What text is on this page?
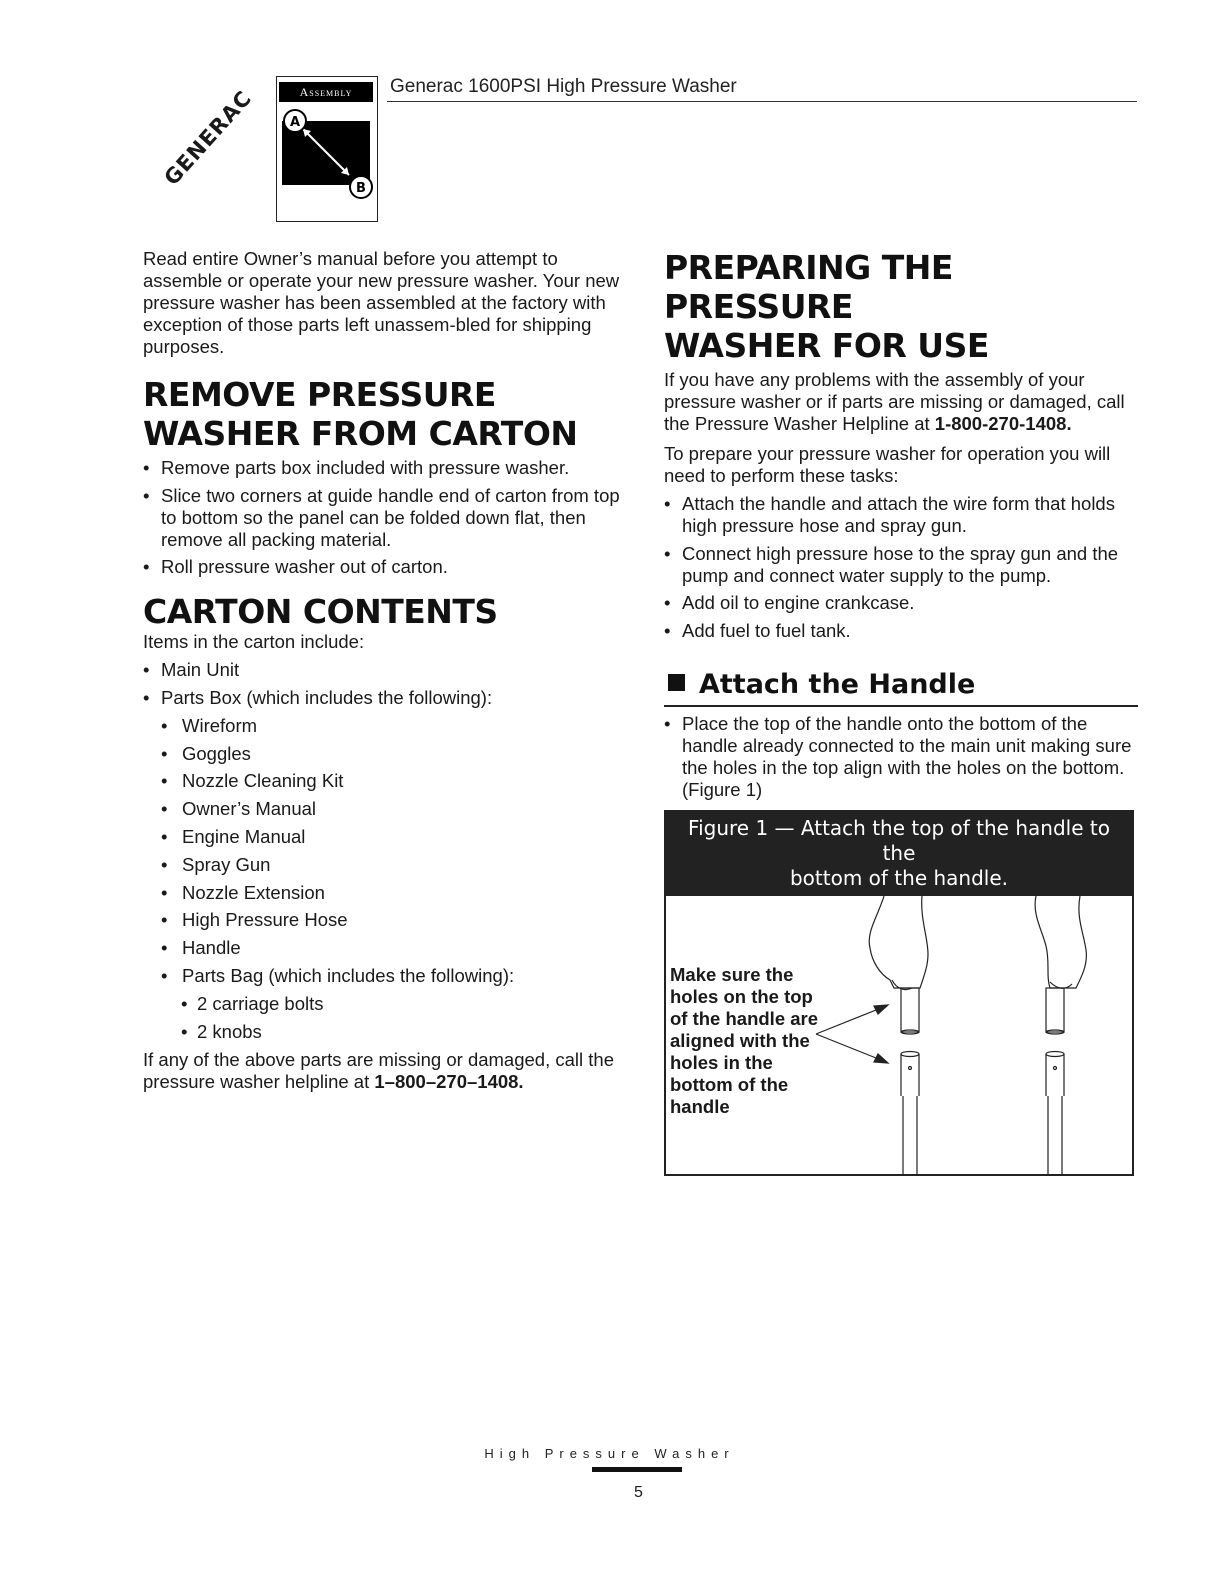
GENERAC	Assembly
A
B
Generac 1600PSI High Pressure Washer

Read entire Owner’s manual before you attempt to assemble or operate your new pressure washer. Your new pressure washer has been assembled at the factory with exception of those parts left unassem-bled for shipping purposes.

REMOVE PRESSURE
WASHER FROM CARTON
• Remove parts box included with pressure washer.
• Slice two corners at guide handle end of carton from top to bottom so the panel can be folded down flat, then remove all packing material.
• Roll pressure washer out of carton.
CARTON CONTENTS

Items in the carton include:

• Main Unit
• Parts Box (which includes the following):
• Wireform
• Goggles
• Nozzle Cleaning Kit
• Owner’s Manual
• Engine Manual
• Spray Gun
• Nozzle Extension
• High Pressure Hose
• Handle
• Parts Bag (which includes the following):
• 2 carriage bolts
• 2 knobs

If any of the above parts are missing or damaged, call the pressure washer helpline at 1–800–270–1408.

PREPARING THE PRESSURE
WASHER FOR USE

If you have any problems with the assembly of your pressure washer or if parts are missing or damaged, call the Pressure Washer Helpline at 1-800-270-1408.

To prepare your pressure washer for operation you will need to perform these tasks:

• Attach the handle and attach the wire form that holds high pressure hose and spray gun.
• Connect high pressure hose to the spray gun and the pump and connect water supply to the pump.
• Add oil to engine crankcase.
• Add fuel to fuel tank.
Attach the Handle
• Place the top of the handle onto the bottom of the handle already connected to the main unit making sure the holes in the top align with the holes on the bottom. (Figure 1)
Figure 1 — Attach the top of the handle to the
bottom of the handle.
Make sure the holes on the top of the handle are aligned with the holes in the bottom of the handle
High Pressure Washer
5
